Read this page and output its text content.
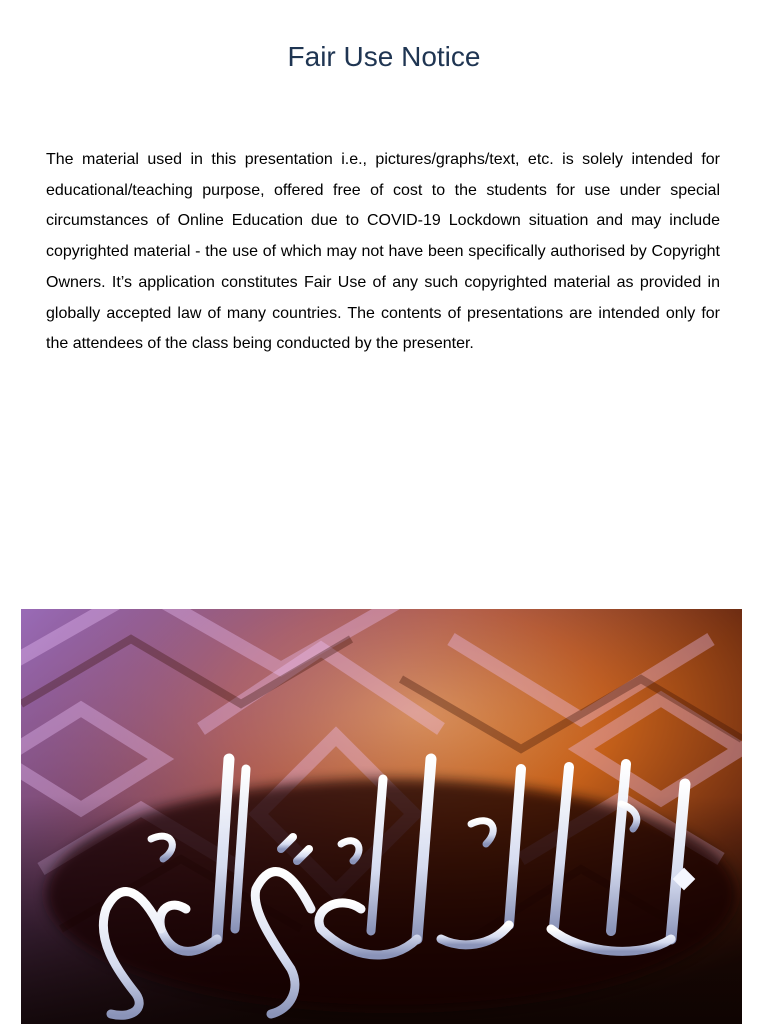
Fair Use Notice

The material used in this presentation i.e., pictures/graphs/text, etc. is solely intended for educational/teaching purpose, offered free of cost to the students for use under special circumstances of Online Education due to COVID-19 Lockdown situation and may include copyrighted material - the use of which may not have been specifically authorised by Copyright Owners. It’s application constitutes Fair Use of any such copyrighted material as provided in globally accepted law of many countries. The contents of presentations are intended only for the attendees of the class being conducted by the presenter.
